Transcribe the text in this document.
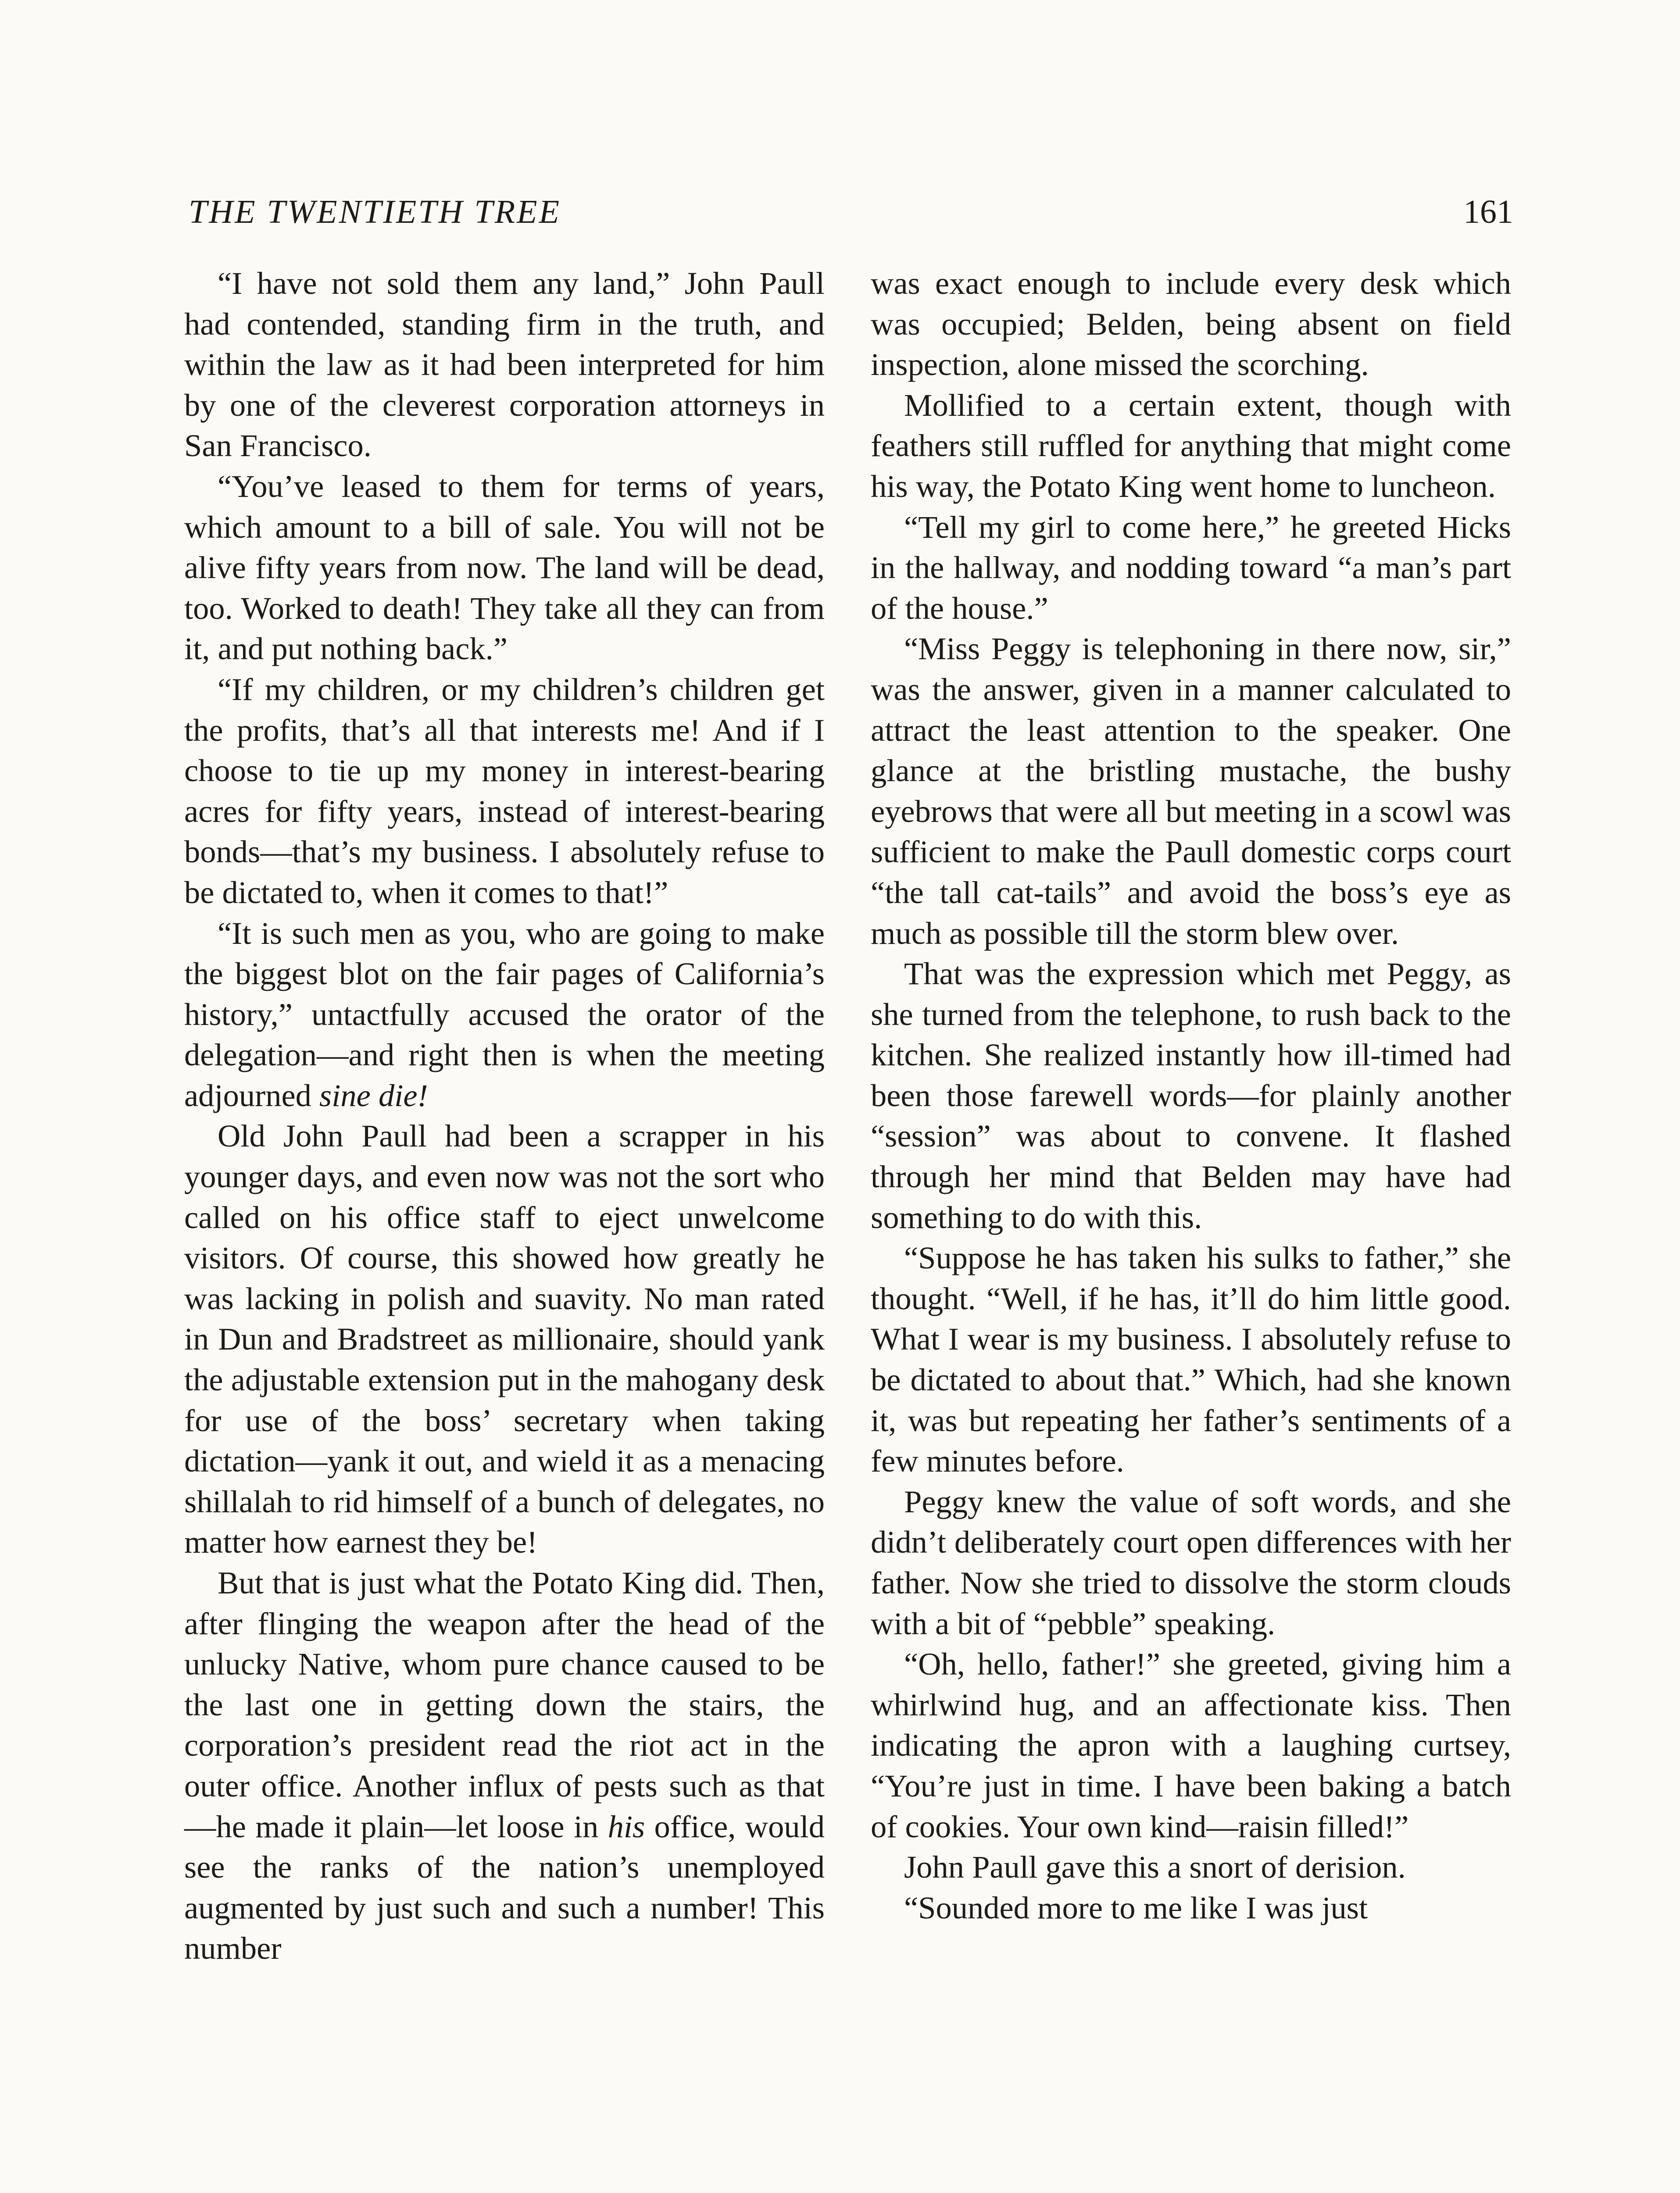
THE TWENTIETH TREE	161

“I have not sold them any land,” John Paull had contended, standing firm in the truth, and within the law as it had been interpreted for him by one of the cleverest corporation attorneys in San Francisco.

“You’ve leased to them for terms of years, which amount to a bill of sale. You will not be alive fifty years from now. The land will be dead, too. Worked to death! They take all they can from it, and put nothing back.”

“If my children, or my children’s children get the profits, that’s all that interests me! And if I choose to tie up my money in interest-bearing acres for fifty years, instead of interest-bearing bonds—that’s my business. I absolutely refuse to be dictated to, when it comes to that!”

“It is such men as you, who are going to make the biggest blot on the fair pages of California’s history,” untactfully accused the orator of the delegation—and right then is when the meeting adjourned sine die!

Old John Paull had been a scrapper in his younger days, and even now was not the sort who called on his office staff to eject unwelcome visitors. Of course, this showed how greatly he was lacking in polish and suavity. No man rated in Dun and Bradstreet as millionaire, should yank the adjustable extension put in the mahogany desk for use of the boss’ secretary when taking dictation—yank it out, and wield it as a menacing shillalah to rid himself of a bunch of delegates, no matter how earnest they be!

But that is just what the Potato King did. Then, after flinging the weapon after the head of the unlucky Native, whom pure chance caused to be the last one in getting down the stairs, the corporation’s president read the riot act in the outer office. Another influx of pests such as that—he made it plain—let loose in his office, would see the ranks of the nation’s unemployed augmented by just such and such a number! This number

was exact enough to include every desk which was occupied; Belden, being absent on field inspection, alone missed the scorching.

Mollified to a certain extent, though with feathers still ruffled for anything that might come his way, the Potato King went home to luncheon.

“Tell my girl to come here,” he greeted Hicks in the hallway, and nodding toward “a man’s part of the house.”

“Miss Peggy is telephoning in there now, sir,” was the answer, given in a manner calculated to attract the least attention to the speaker. One glance at the bristling mustache, the bushy eyebrows that were all but meeting in a scowl was sufficient to make the Paull domestic corps court “the tall cat-tails” and avoid the boss’s eye as much as possible till the storm blew over.

That was the expression which met Peggy, as she turned from the telephone, to rush back to the kitchen. She realized instantly how ill-timed had been those farewell words—for plainly another “session” was about to convene. It flashed through her mind that Belden may have had something to do with this.

“Suppose he has taken his sulks to father,” she thought. “Well, if he has, it’ll do him little good. What I wear is my business. I absolutely refuse to be dictated to about that.” Which, had she known it, was but repeating her father’s sentiments of a few minutes before.

Peggy knew the value of soft words, and she didn’t deliberately court open differences with her father. Now she tried to dissolve the storm clouds with a bit of “pebble” speaking.

“Oh, hello, father!” she greeted, giving him a whirlwind hug, and an affectionate kiss. Then indicating the apron with a laughing curtsey, “You’re just in time. I have been baking a batch of cookies. Your own kind—raisin filled!”

John Paull gave this a snort of derision.

“Sounded more to me like I was just
